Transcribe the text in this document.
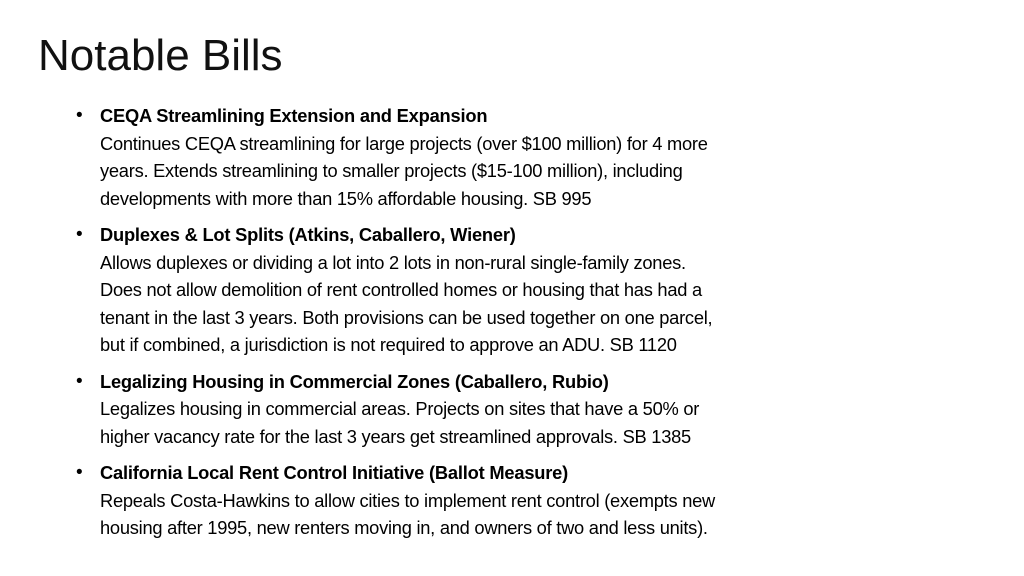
Notable Bills
• CEQA Streamlining Extension and Expansion
Continues CEQA streamlining for large projects (over $100 million) for 4 more
years. Extends streamlining to smaller projects ($15-100 million), including
developments with more than 15% affordable housing. SB 995
• Duplexes & Lot Splits (Atkins, Caballero, Wiener)
Allows duplexes or dividing a lot into 2 lots in non-rural single-family zones.
Does not allow demolition of rent controlled homes or housing that has had a
tenant in the last 3 years. Both provisions can be used together on one parcel,
but if combined, a jurisdiction is not required to approve an ADU. SB 1120
• Legalizing Housing in Commercial Zones (Caballero, Rubio)
Legalizes housing in commercial areas. Projects on sites that have a 50% or
higher vacancy rate for the last 3 years get streamlined approvals. SB 1385
• California Local Rent Control Initiative (Ballot Measure)
Repeals Costa-Hawkins to allow cities to implement rent control (exempts new
housing after 1995, new renters moving in, and owners of two and less units).
